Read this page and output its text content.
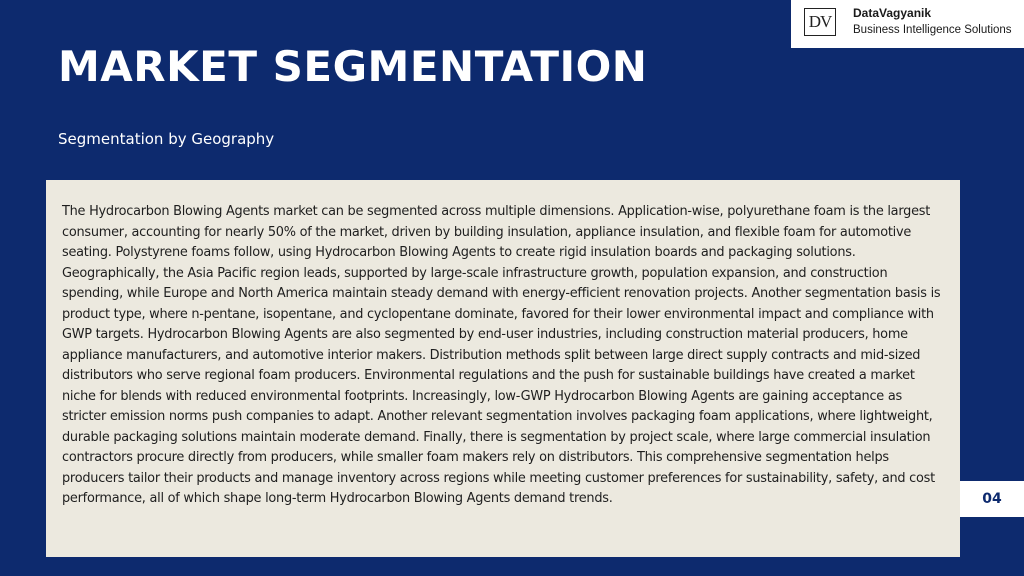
DV	DataVagyanik
Business Intelligence Solutions
MARKET SEGMENTATION
Segmentation by Geography

The Hydrocarbon Blowing Agents market can be segmented across multiple dimensions. Application-wise, polyurethane foam is the largest consumer, accounting for nearly 50% of the market, driven by building insulation, appliance insulation, and flexible foam for automotive seating. Polystyrene foams follow, using Hydrocarbon Blowing Agents to create rigid insulation boards and packaging solutions. Geographically, the Asia Pacific region leads, supported by large-scale infrastructure growth, population expansion, and construction spending, while Europe and North America maintain steady demand with energy-efficient renovation projects. Another segmentation basis is product type, where n-pentane, isopentane, and cyclopentane dominate, favored for their lower environmental impact and compliance with GWP targets. Hydrocarbon Blowing Agents are also segmented by end-user industries, including construction material producers, home appliance manufacturers, and automotive interior makers. Distribution methods split between large direct supply contracts and mid-sized distributors who serve regional foam producers. Environmental regulations and the push for sustainable buildings have created a market niche for blends with reduced environmental footprints. Increasingly, low-GWP Hydrocarbon Blowing Agents are gaining acceptance as stricter emission norms push companies to adapt. Another relevant segmentation involves packaging foam applications, where lightweight, durable packaging solutions maintain moderate demand. Finally, there is segmentation by project scale, where large commercial insulation contractors procure directly from producers, while smaller foam makers rely on distributors. This comprehensive segmentation helps producers tailor their products and manage inventory across regions while meeting customer preferences for sustainability, safety, and cost performance, all of which shape long-term Hydrocarbon Blowing Agents demand trends.	04
